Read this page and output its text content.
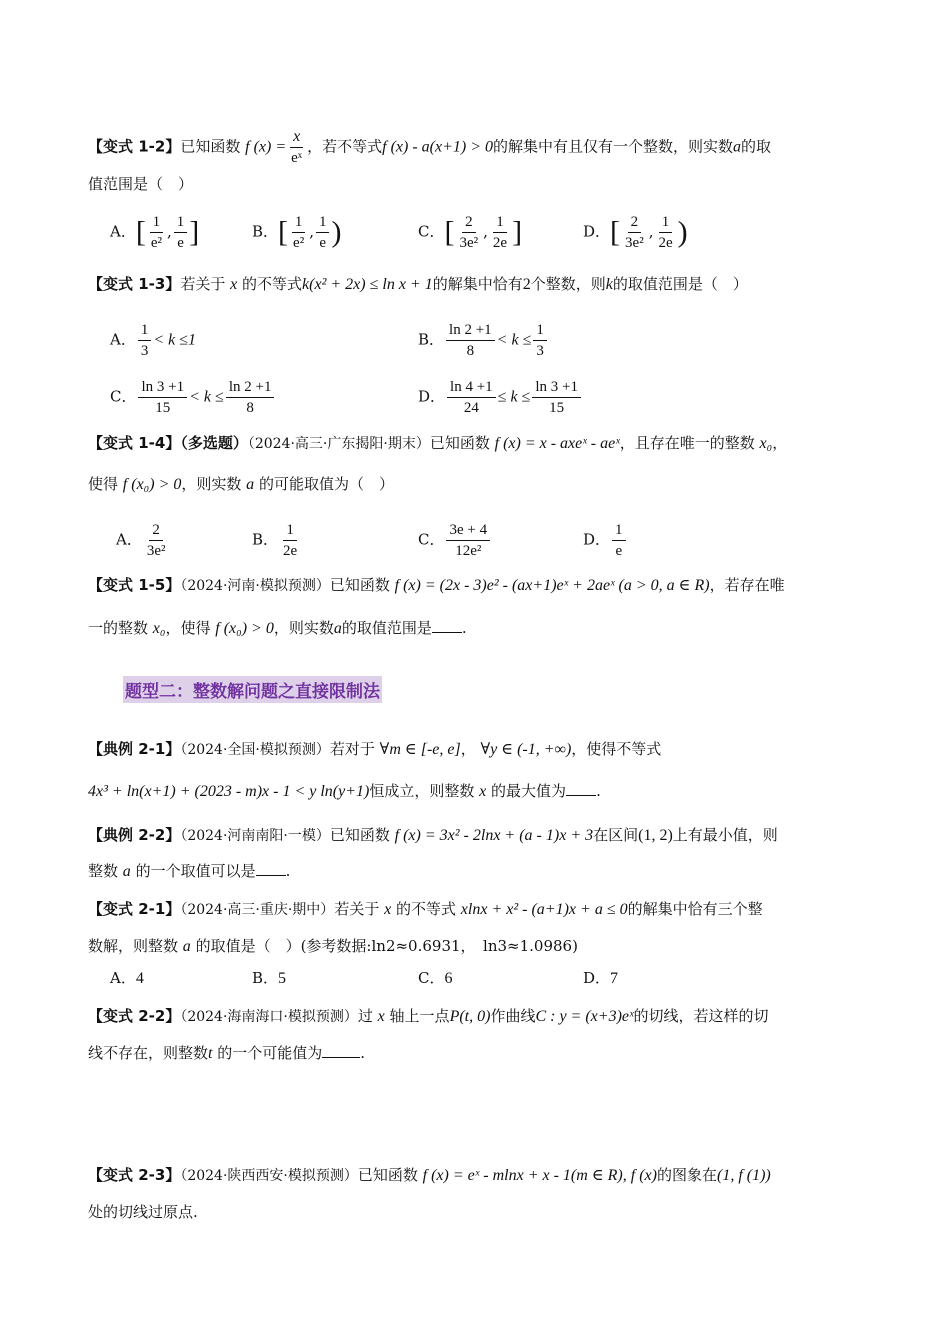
【变式 1-2】已知函数 f $(x) = \frac{x}{\text{eˣ}}$ ，若不等式f (x) - a(x+1) > 0的解集中有且仅有一个整数，则实数a的取
值范围是（　）
A．[ $\frac{1}{\text{e²}}$ , $\frac{1}{e}$ ]	B．[ $\frac{1}{\text{e²}}$ , $\frac{1}{e}$ )	C．[ $\frac{2}{\text{3e²}}$ , $\frac{1}{2e}$ ]	D．[ $\frac{2}{\text{3e²}}$ , $\frac{1}{2e}$ )
【变式 1-3】若关于 x 的不等式k(x² + 2x) ≤ ln x + 1的解集中恰有2个整数，则k的取值范围是（　）
A． $\frac{1}{3} < k \le 1$	B． $\frac{\ln 2 +1}{8} < k \le \frac{1}{3}$
C． $\frac{\ln 3 +1}{15} < k \le \frac{\ln 2 +1}{8}$	D． $\frac{\ln 4 +1}{24} \le k \le \frac{\ln 3 +1}{15}$
【变式 1-4】（多选题）（2024·高三·广东揭阳·期末）已知函数 f (x) = x - axeˣ - aeˣ，且存在唯一的整数 x₀，
使得 f (x₀) > 0，则实数 a 的可能取值为（　）
A． $\frac{2}{\text{3e²}}$	B． $\frac{1}{2e}$	C． $\frac{3e + 4}{\text{12e²}}$	D． $\frac{1}{e}$
【变式 1-5】（2024·河南·模拟预测）已知函数 f (x) = (2x - 3)e² - (ax+1)eˣ + 2aeˣ (a > 0, a ∈ R)，若存在唯
一的整数 x₀，使得 f (x₀) > 0，则实数a的取值范围是 .
题型二：整数解问题之直接限制法
【典例 2-1】（2024·全国·模拟预测）若对于 ∀m ∈ [-e, e]， ∀y ∈ (-1, +∞)，使得不等式
4x³ + ln(x+1) + (2023 - m)x - 1 < y ln(y+1)恒成立，则整数 x 的最大值为 .
【典例 2-2】（2024·河南南阳·一模）已知函数 f (x) = 3x² - 2lnx + (a - 1)x + 3在区间(1, 2)上有最小值，则
整数 a 的一个取值可以是 .
【变式 2-1】（2024·高三·重庆·期中）若关于 x 的不等式 xlnx + x² - (a+1)x + a ≤ 0的解集中恰有三个整
数解，则整数 a 的取值是（　）(参考数据:ln2≈0.6931，　ln3≈1.0986)
A．4	B．5	C．6	D．7
【变式 2-2】（2024·海南海口·模拟预测）过 x 轴上一点P(t, 0)作曲线C : y = (x+3)eˣ的切线，若这样的切
线不存在，则整数t 的一个可能值为	.
【变式 2-3】（2024·陕西西安·模拟预测）已知函数 f (x) = eˣ - mlnx + x - 1(m ∈ R), f (x)的图象在(1, f (1))
处的切线过原点.
